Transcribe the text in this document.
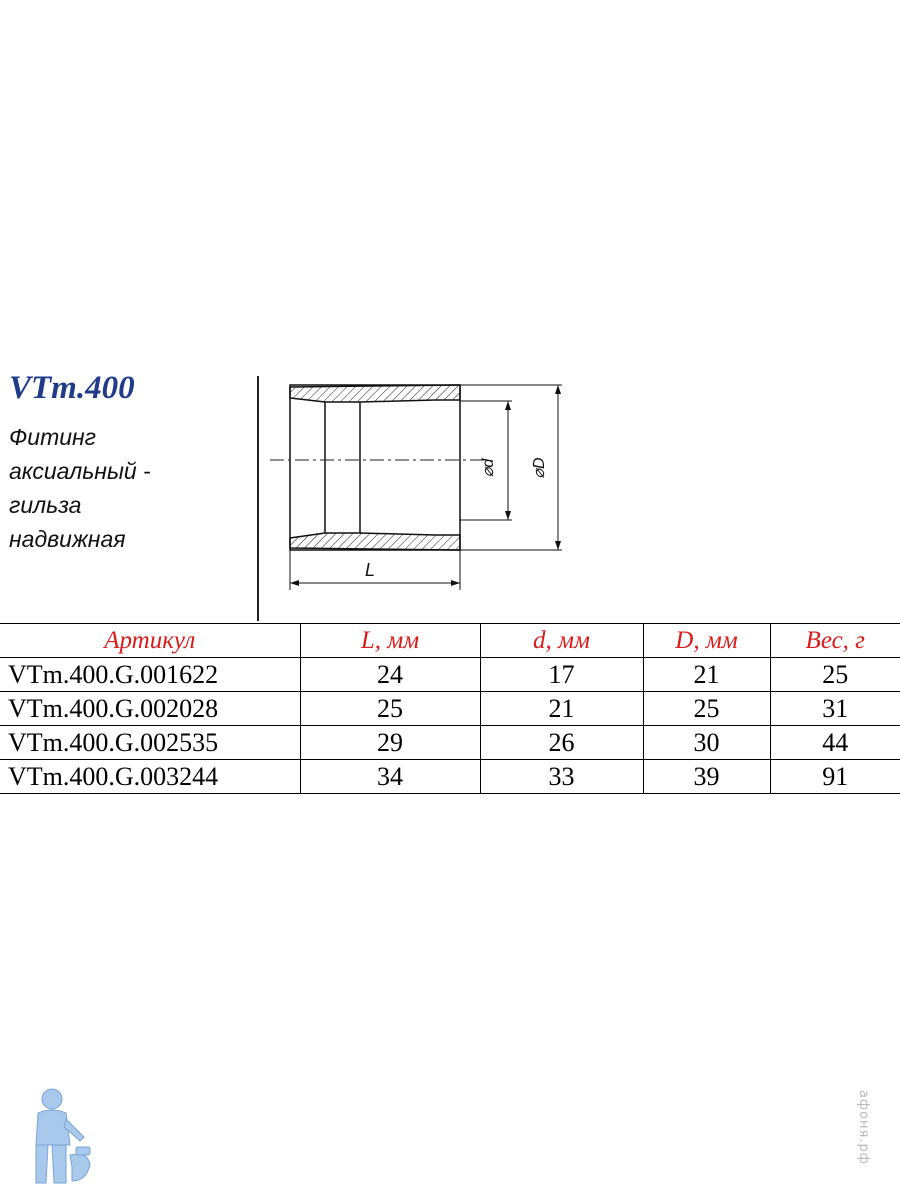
VTm.400

Фитинг
аксиальный -
гильза
надвижная

⌀d ⌀D
L
Артикул	L, мм	d, мм	D, мм	Вес, г
VTm.400.G.001622	24	17	21	25
VTm.400.G.002028	25	21	25	31
VTm.400.G.002535	29	26	30	44
VTm.400.G.003244	34	33	39	91
афоня.рф
